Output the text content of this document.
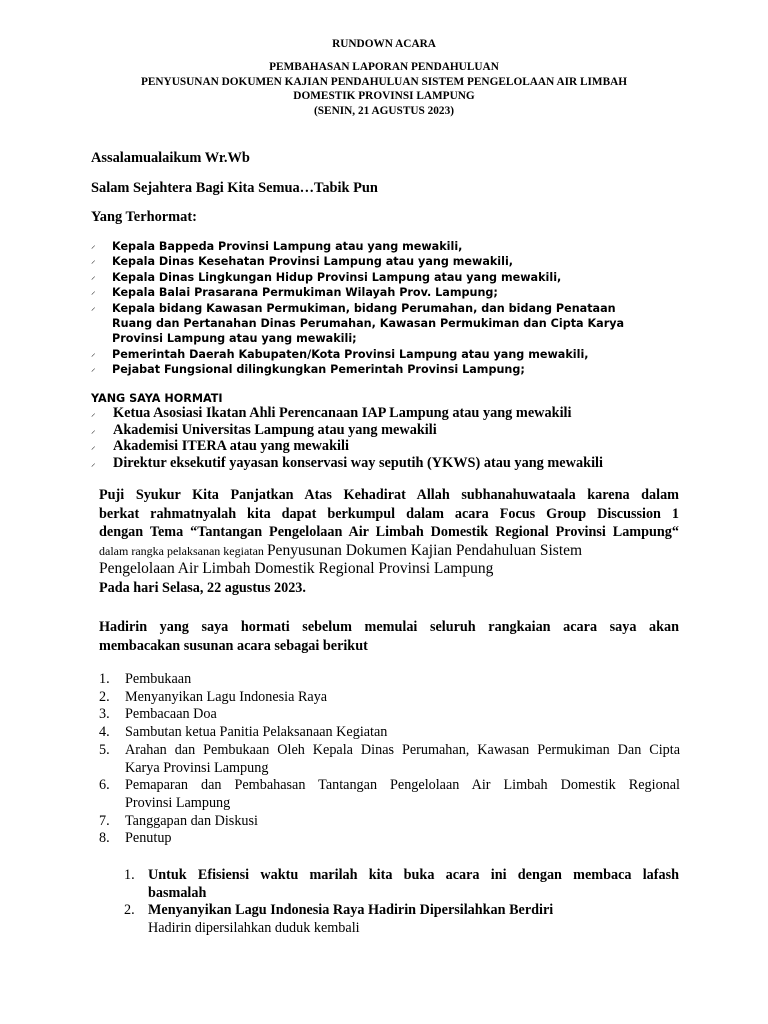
RUNDOWN ACARA
PEMBAHASAN LAPORAN PENDAHULUAN
PENYUSUNAN DOKUMEN KAJIAN PENDAHULUAN SISTEM PENGELOLAAN AIR LIMBAH
DOMESTIK PROVINSI LAMPUNG
(SENIN, 21 AGUSTUS 2023)
Assalamualaikum Wr.Wb
Salam Sejahtera Bagi Kita Semua…Tabik Pun
Yang Terhormat:
⸝ Kepala Bappeda Provinsi Lampung atau yang mewakili,
⸝ Kepala Dinas Kesehatan Provinsi Lampung atau yang mewakili,
⸝ Kepala Dinas Lingkungan Hidup Provinsi Lampung atau yang mewakili,
⸝ Kepala Balai Prasarana Permukiman Wilayah Prov. Lampung;
⸝ Kepala bidang Kawasan Permukiman, bidang Perumahan, dan bidang Penataan Ruang dan Pertanahan Dinas Perumahan, Kawasan Permukiman dan Cipta Karya Provinsi Lampung atau yang mewakili;
⸝ Pemerintah Daerah Kabupaten/Kota Provinsi Lampung atau yang mewakili,
⸝ Pejabat Fungsional dilingkungkan Pemerintah Provinsi Lampung;
YANG SAYA HORMATI
⸝ Ketua Asosiasi Ikatan Ahli Perencanaan IAP Lampung atau yang mewakili
⸝ Akademisi Universitas Lampung atau yang mewakili
⸝ Akademisi ITERA atau yang mewakili
⸝ Direktur eksekutif yayasan konservasi way seputih (YKWS) atau yang mewakili
Puji Syukur Kita Panjatkan Atas Kehadirat Allah subhanahuwataala karena dalam
berkat rahmatnyalah kita dapat berkumpul dalam acara Focus Group Discussion 1
dengan Tema “Tantangan Pengelolaan Air Limbah Domestik Regional Provinsi Lampung“
dalam rangka pelaksanan kegiatan Penyusunan Dokumen Kajian Pendahuluan Sistem
Pengelolaan Air Limbah Domestik Regional Provinsi Lampung
Pada hari Selasa, 22 agustus 2023.
Hadirin yang saya hormati sebelum memulai seluruh rangkaian acara saya akan
membacakan susunan acara sebagai berikut
1. Pembukaan
2. Menyanyikan Lagu Indonesia Raya
3. Pembacaan Doa
4. Sambutan ketua Panitia Pelaksanaan Kegiatan
5. Arahan dan Pembukaan Oleh Kepala Dinas Perumahan, Kawasan Permukiman Dan Cipta
Karya Provinsi Lampung
6. Pemaparan dan Pembahasan Tantangan Pengelolaan Air Limbah Domestik Regional
Provinsi Lampung
7. Tanggapan dan Diskusi
8. Penutup
1. Untuk Efisiensi waktu marilah kita buka acara ini dengan membaca lafash
basmalah
2. Menyanyikan Lagu Indonesia Raya Hadirin Dipersilahkan Berdiri
Hadirin dipersilahkan duduk kembali
